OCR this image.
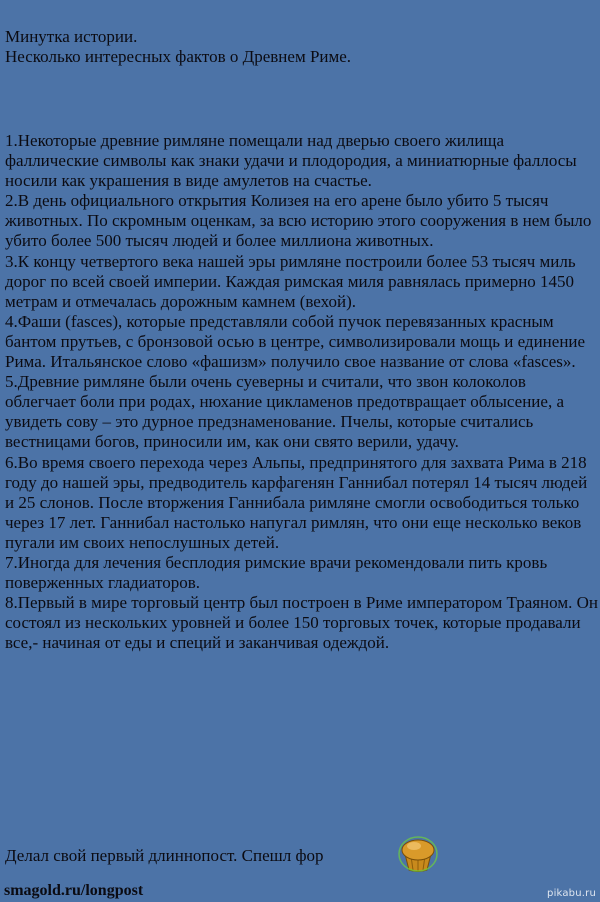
Минутка истории.
Несколько интересных фактов о Древнем Риме.

1.Некоторые древние римляне помещали над дверью своего жилища фаллические символы как знаки удачи и плодородия, а миниатюрные фаллосы носили как украшения в виде амулетов на счастье.

2.В день официального открытия Колизея на его арене было убито 5 тысяч животных. По скромным оценкам, за всю историю этого сооружения в нем было убито более 500 тысяч людей и более миллиона животных.

3.К концу четвертого века нашей эры римляне построили более 53 тысяч миль дорог по всей своей империи. Каждая римская миля равнялась примерно 1450 метрам и отмечалась дорожным камнем (вехой).

4.Фаши (fasces), которые представляли собой пучок перевязанных красным бантом прутьев, с бронзовой осью в центре, символизировали мощь и единение Рима. Итальянское слово «фашизм» получило свое название от слова «fasces».

5.Древние римляне были очень суеверны и считали, что звон колоколов облегчает боли при родах, нюхание цикламенов предотвращает облысение, а увидеть сову – это дурное предзнаменование. Пчелы, которые считались вестницами богов, приносили им, как они свято верили, удачу.

6.Во время своего перехода через Альпы, предпринятого для захвата Рима в 218 году до нашей эры, предводитель карфагенян Ганнибал потерял 14 тысяч людей и 25 слонов. После вторжения Ганнибала римляне смогли освободиться только через 17 лет. Ганнибал настолько напугал римлян, что они еще несколько веков пугали им своих непослушных детей.

7.Иногда для лечения бесплодия римские врачи рекомендовали пить кровь поверженных гладиаторов.

8.Первый в мире торговый центр был построен в Риме императором Траяном. Он состоял из нескольких уровней и более 150 торговых точек, которые продавали все,- начиная от еды и специй и заканчивая одеждой.

Делал свой первый длиннопост. Спешл фор
smagold.ru/longpost	pikabu.ru
